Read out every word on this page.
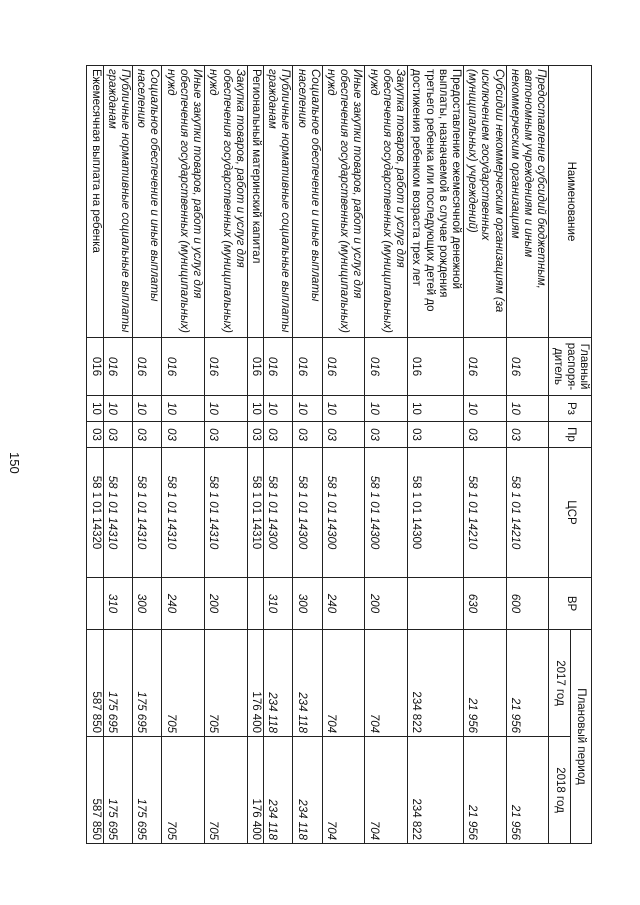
150
Наименование	Главный распоря-дитель	Рз	Пр	ЦСР	ВР	Плановый период	
						2017 год	2018 год
Предоставление субсидий бюджетным, автономным учреждениям и иным некоммерческим организациям	016	10	03	58 1 01 14210	600	21 956	21 956
Субсидии некоммерческим организациям (за исключением государственных (муниципальных) учреждений)	016	10	03	58 1 01 14210	630	21 956	21 956
Предоставление ежемесячной денежной выплаты, назначаемой в случае рождения третьего ребенка или последующих детей до достижения ребенком возраста трех лет	016	10	03	58 1 01 14300		234 822	234 822
Закупка товаров, работ и услуг для обеспечения государственных (муниципальных) нужд	016	10	03	58 1 01 14300	200	704	704
Иные закупки товаров, работ и услуг для обеспечения государственных (муниципальных) нужд	016	10	03	58 1 01 14300	240	704	704
Социальное обеспечение и иные выплаты населению	016	10	03	58 1 01 14300	300	234 118	234 118
Публичные нормативные социальные выплаты гражданам	016	10	03	58 1 01 14300	310	234 118	234 118
Региональный материнский капитал	016	10	03	58 1 01 14310		176 400	176 400
Закупка товаров, работ и услуг для обеспечения государственных (муниципальных) нужд	016	10	03	58 1 01 14310	200	705	705
Иные закупки товаров, работ и услуг для обеспечения государственных (муниципальных) нужд	016	10	03	58 1 01 14310	240	705	705
Социальное обеспечение и иные выплаты населению	016	10	03	58 1 01 14310	300	175 695	175 695
Публичные нормативные социальные выплаты гражданам	016	10	03	58 1 01 14310	310	175 695	175 695
Ежемесячная выплата на ребенка	016	10	03	58 1 01 14320		587 850	587 850
